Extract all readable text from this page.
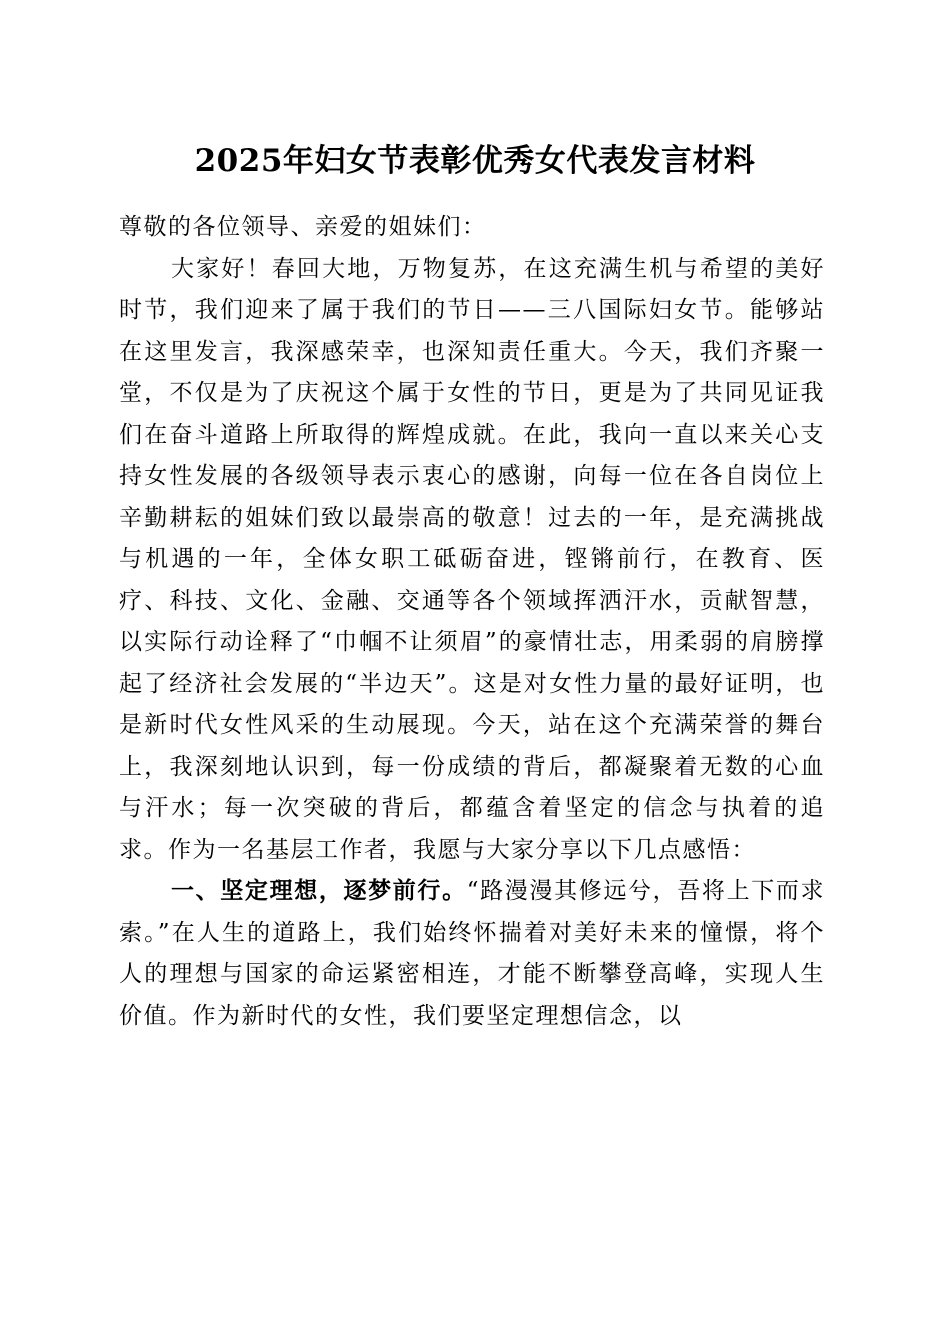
2025年妇女节表彰优秀女代表发言材料

尊敬的各位领导、亲爱的姐妹们：

大家好！春回大地，万物复苏，在这充满生机与希望的美好时节，我们迎来了属于我们的节日——三八国际妇女节。能够站在这里发言，我深感荣幸，也深知责任重大。今天，我们齐聚一堂，不仅是为了庆祝这个属于女性的节日，更是为了共同见证我们在奋斗道路上所取得的辉煌成就。在此，我向一直以来关心支持女性发展的各级领导表示衷心的感谢，向每一位在各自岗位上辛勤耕耘的姐妹们致以最崇高的敬意！过去的一年，是充满挑战与机遇的一年，全体女职工砥砺奋进，铿锵前行，在教育、医疗、科技、文化、金融、交通等各个领域挥洒汗水，贡献智慧，以实际行动诠释了“巾帼不让须眉”的豪情壮志，用柔弱的肩膀撑起了经济社会发展的“半边天”。这是对女性力量的最好证明，也是新时代女性风采的生动展现。今天，站在这个充满荣誉的舞台上，我深刻地认识到，每一份成绩的背后，都凝聚着无数的心血与汗水；每一次突破的背后，都蕴含着坚定的信念与执着的追求。作为一名基层工作者，我愿与大家分享以下几点感悟：

一、坚定理想，逐梦前行。“路漫漫其修远兮，吾将上下而求索。”在人生的道路上，我们始终怀揣着对美好未来的憧憬，将个人的理想与国家的命运紧密相连，才能不断攀登高峰，实现人生价值。作为新时代的女性，我们要坚定理想信念，以
